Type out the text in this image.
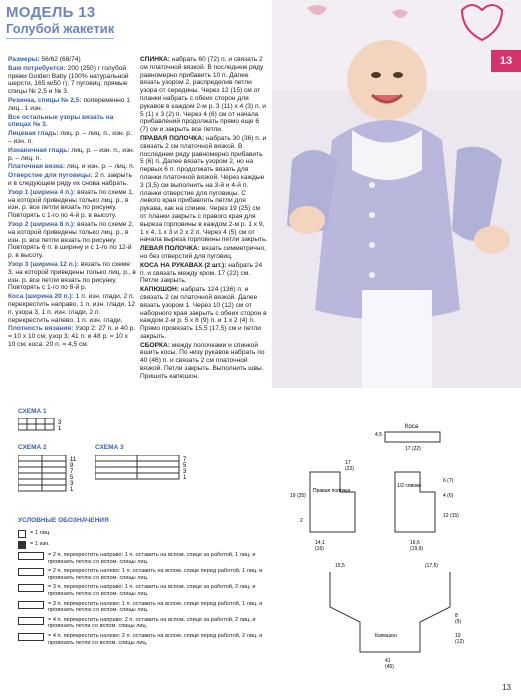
МОДЕЛЬ 13
Голубой жакетик

Размеры: 56/62 (68/74)

Вам потребуется: 200 (250) г голубой пряжи Golden Baby (100% натуральной шерсти, 165 м/50 г); 7 пуговиц; прямые спицы № 2,5 и № 3.

Резинка, спицы № 2,5: попеременно 1 лиц., 1 изн.

Все остальные узоры вязать на спицах № 3.

Лицевая гладь: лиц. р. – лиц. п., изн. р. – изн. п.

Изнаночная гладь: лиц. р. – изн. п., изн. р. – лиц. п.

Платочная вязка: лиц. и изн. р. – лиц. п.

Отверстие для пуговицы: 2 п. закрыть и в следующем ряду их снова набрать.

Узор 1 (ширина 4 п.): вязать по схеме 1, на которой приведены только лиц. р., в изн. р. все петли вязать по рисунку. Повторять с 1-го по 4-й р. в высоту.

Узор 2 (ширина 8 п.): вязать по схеме 2, на которой приведены только лиц. р., в изн. р. все петли вязать по рисунку. Повторять 6 п. в ширину и с 1-го по 12-й р. в высоту.

Узор 3 (ширина 12 п.): вязать по схеме 3, на которой приведены только лиц. р., в изн. р. все петли вязать по рисунку. Повторять с 1-го по 8-й р.

Коса (ширина 20 п.): 1 п. изн. глади, 2 п. перекрестить направо, 1 п. изн. глади, 12 п. узора 3, 1 п. изн. глади, 2 п. перекрестить налево, 1 п. изн. глади.

Плотность вязания: Узор 2: 27 п. и 40 р. = 10 х 10 см; узор 3: 41 п. и 48 р. = 10 х 10 см; коса: 20 п. = 4,5 см.

СПИНКА: набрать 60 (72) п. и связать 2 см платочной вязкой. В последнем ряду равномерно прибавить 10 п. Далее вязать узором 2, распределив петли узора от середины. Через 12 (15) см от планки набрать с обеих сторон для рукавов в каждом 2-м р. 3 (11) х 4 (3) п. и 5 (1) х 3 (2) п. Через 4 (6) см от начала прибавлений продолжать прямо еще 6 (7) см и закрыть все петли.

ПРАВАЯ ПОЛОЧКА: набрать 30 (36) п. и связать 2 см платочной вязкой. В последнем ряду равномерно прибавить 5 (6) п. Далее вязать узором 2, но на первых 6 п. продолжать вязать для планки платочной вязкой. Через каждые 3 (3,5) см выполнить на 3-й и 4-й п. планки отверстие для пуговицы. С левого края прибавлять петли для рукава, как на спинке. Через 19 (25) см от планки закрыть с правого края для выреза горловины в каждом 2-м р. 1 х 9, 1 х 4, 1 х 3 и 2 х 2 п. Через 4 (5) см от начала выреза горловины петли закрыть.

ЛЕВАЯ ПОЛОЧКА: вязать симметрично, но без отверстий для пуговиц.

КОСА НА РУКАВАХ (2 шт.): набрать 24 п. и связать между кром. 17 (22) см. Петли закрыть.

КАПЮШОН: набрать 124 (136) п. и связать 2 см платочной вязкой. Далее вязать узором 1. Через 10 (12) см от наборного края закрыть с обеих сторон в каждом 2-м р. 5 х 8 (9) п. и 1 х 2 (4) п. Прямо провязать 15,5 (17,5) см и петли закрыть.

СБОРКА: между полочками и спинкой вшить косы. По низу рукавов набрать по 40 (46) п. и связать 2 см платочной вязкой. Петли закрыть. Выполнить швы. Пришить капюшон.

13
СХЕМА 1
3
1
СХЕМА 2
11
9
7
5
3
1
СХЕМА 3
7
5
3
1
УСЛОВНЫЕ ОБОЗНАЧЕНИЯ
= 1 лиц.
= 1 изн.
= 2 п. перекрестить направо: 1 п. оставить на вспом. спице за работой, 1 лиц. и провязать петлю со вспом. спицы лиц.
= 2 п. перекрестить налево: 1 п. оставить на вспом. спице перед работой, 1 лиц. и провязать петлю со вспом. спицы лиц.
= 3 п. перекрестить направо: 1 п. оставить на вспом. спице за работой, 2 лиц. и провязать петлю со вспом. спицы лиц.
= 3 п. перекрестить налево: 1 п. оставить на вспом. спице перед работой, 1 лиц. и провязать петлю со вспом. спицы лиц.
= 4 п. перекрестить направо: 2 п. оставить на вспом. спице за работой, 2 лиц. и провязать петли со вспом. спицы лиц.
= 4 п. перекрестить налево: 2 п. оставить на вспом. спице перед работой, 2 лиц. и провязать петли со вспом. спицы лиц.
Коса
4,5
17 (22)
Правая полочка
17
(22)
19 (25)
14,1
(16)
1/2 спинки
16,6
(19,9)
6 (7)
4 (6)
12 (15)
2
Капюшон
15,5	(17,5)
8
(9)
10
(12)
41
(45)
13
